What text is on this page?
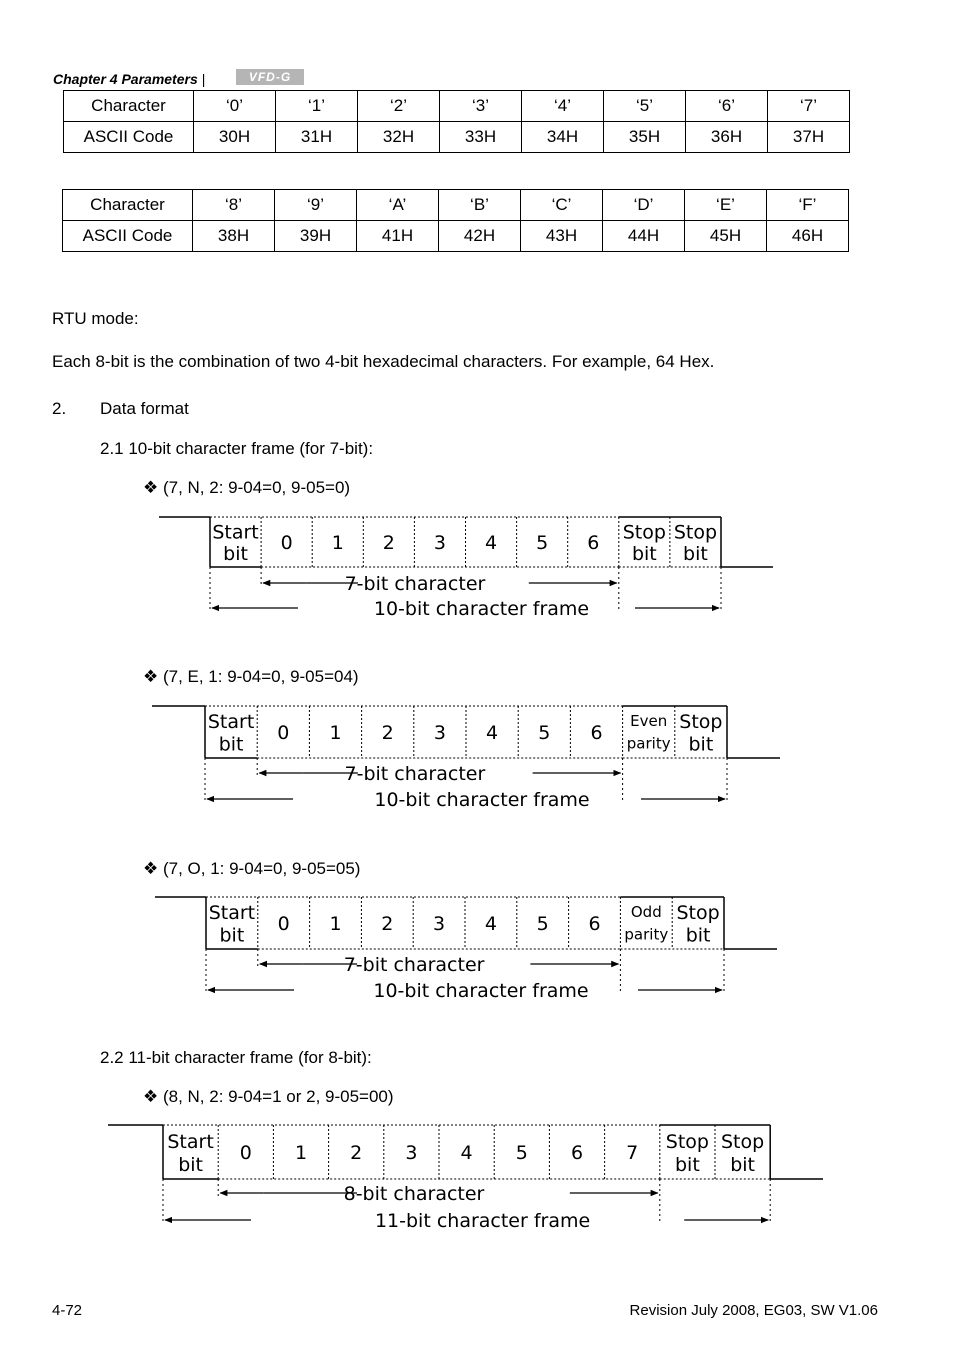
Chapter 4 Parameters |	VFD-G
Character	‘0’	‘1’	‘2’	‘3’	‘4’	‘5’	‘6’	‘7’
ASCII Code	30H	31H	32H	33H	34H	35H	36H	37H
Character	‘8’	‘9’	‘A’	‘B’	‘C’	‘D’	‘E’	‘F’
ASCII Code	38H	39H	41H	42H	43H	44H	45H	46H
RTU mode:
Each 8-bit is the combination of two 4-bit hexadecimal characters. For example, 64 Hex.
2. Data format
2.1 10-bit character frame (for 7-bit):
❖ (7, N, 2: 9-04=0, 9-05=0)
❖ (7, E, 1: 9-04=0, 9-05=04)
❖ (7, O, 1: 9-04=0, 9-05=05)
2.2 11-bit character frame (for 8-bit):
❖ (8, N, 2: 9-04=1 or 2, 9-05=00)
Start
bit 0 1 2 3 4 5 6 Stop
bit
Stop
bit
7-bit character
10-bit character frame
Start
bit
0 1 2 3 4 5 6
Even
parity
Stop
bit
7-bit character
10-bit character frame
Start
bit
0 1 2 3 4 5 6
Odd
parity
Stop
bit
7-bit character
10-bit character frame
Start
bit
0 1 2 3 4 5 6 7
Stop
bit
Stop
bit
8-bit character
11-bit character frame
4-72	Revision July 2008, EG03, SW V1.06
